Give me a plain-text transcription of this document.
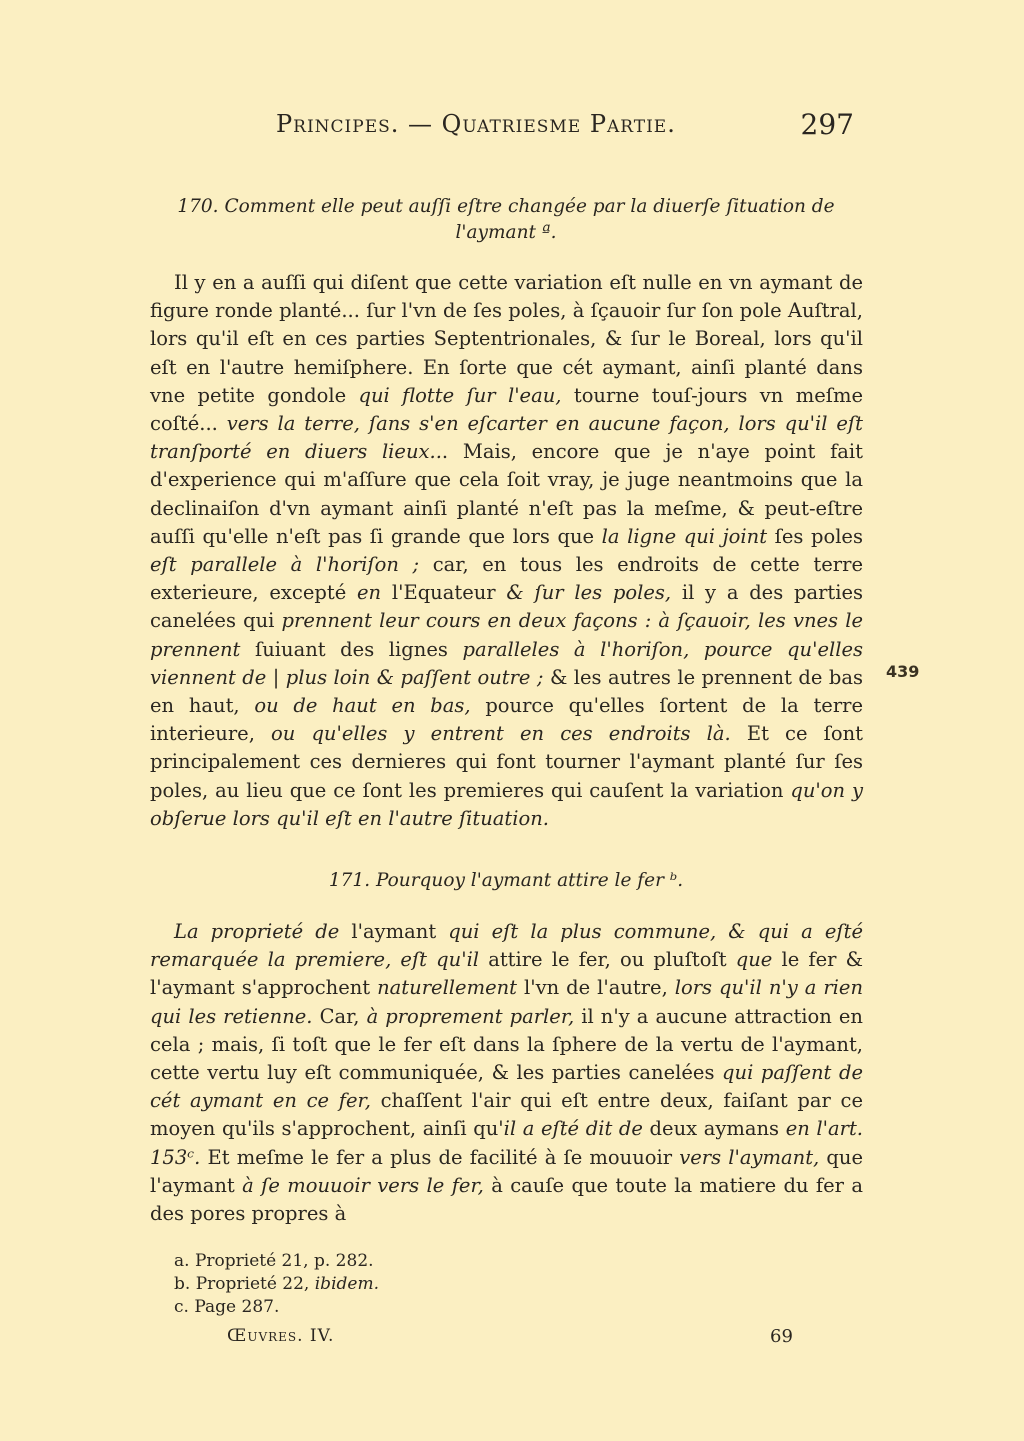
Principes. — Quatriesme Partie.	297
170. Comment elle peut auſſi eſtre changée par la diuerſe ſituation de l'aymant ª.
Il y en a auſſi qui diſent que cette variation eſt nulle en vn aymant de figure ronde planté... ſur l'vn de ſes poles, à ſçauoir ſur ſon pole Auſtral, lors qu'il eſt en ces parties Septentrionales, & ſur le Boreal, lors qu'il eſt en l'autre hemiſphere. En ſorte que cét aymant, ainſi planté dans vne petite gondole qui flotte ſur l'eau, tourne touſ-jours vn meſme coſté... vers la terre, ſans s'en eſcarter en aucune façon, lors qu'il eſt tranſporté en diuers lieux... Mais, encore que je n'aye point fait d'experience qui m'aſſure que cela ſoit vray, je juge neantmoins que la declinaiſon d'vn aymant ainſi planté n'eſt pas la meſme, & peut-eſtre auſſi qu'elle n'eſt pas ſi grande que lors que la ligne qui joint ſes poles eſt parallele à l'horiſon ; car, en tous les endroits de cette terre exterieure, excepté en l'Equateur & ſur les poles, il y a des parties canelées qui prennent leur cours en deux façons : à ſçauoir, les vnes le prennent ſuiuant des lignes paralleles à l'horiſon, pource qu'elles viennent de | plus loin & paſſent outre ; & les autres le prennent de bas en haut, ou de haut en bas, pource qu'elles ſortent de la terre interieure, ou qu'elles y entrent en ces endroits là. Et ce ſont principalement ces dernieres qui font tourner l'aymant planté ſur ſes poles, au lieu que ce ſont les premieres qui cauſent la variation qu'on y obſerue lors qu'il eſt en l'autre ſituation.
439
171. Pourquoy l'aymant attire le fer ᵇ.
La proprieté de l'aymant qui eſt la plus commune, & qui a eſté remarquée la premiere, eſt qu'il attire le fer, ou pluſtoſt que le fer & l'aymant s'approchent naturellement l'vn de l'autre, lors qu'il n'y a rien qui les retienne. Car, à proprement parler, il n'y a aucune attraction en cela ; mais, ſi toſt que le fer eſt dans la ſphere de la vertu de l'aymant, cette vertu luy eſt communiquée, & les parties canelées qui paſſent de cét aymant en ce fer, chaſſent l'air qui eſt entre deux, faiſant par ce moyen qu'ils s'approchent, ainſi qu'il a eſté dit de deux aymans en l'art. 153ᶜ. Et meſme le fer a plus de facilité à ſe mouuoir vers l'aymant, que l'aymant à ſe mouuoir vers le fer, à cauſe que toute la matiere du fer a des pores propres à
a. Proprieté 21, p. 282.
b. Proprieté 22, ibidem.
c. Page 287.
Œuvres. IV.	69
